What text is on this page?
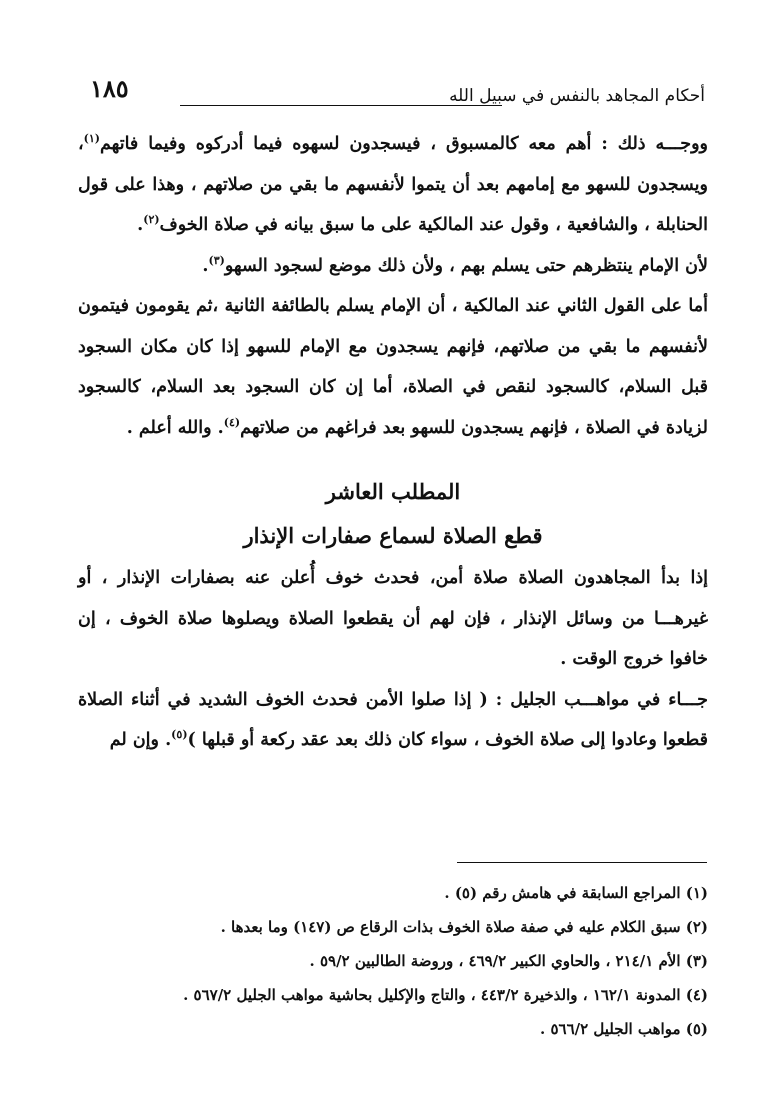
١٨٥	أحكام المجاهد بالنفس في سبيل الله

ووجـــه ذلك : أهم معه كالمسبوق ، فيسجدون لسهوه فيما أدركوه وفيما فاتهم$^{(١)}$، ويسجدون للسهو مع إمامهم بعد أن يتموا لأنفسهم ما بقي من صلاتهم ، وهذا على قول الحنابلة ، والشافعية ، وقول عند المالكية على ما سبق بيانه في صلاة الخوف$^{(٢)}$.

لأن الإمام ينتظرهم حتى يسلم بهم ، ولأن ذلك موضع لسجود السهو$^{(٣)}$.

أما على القول الثاني عند المالكية ، أن الإمام يسلم بالطائفة الثانية ،ثم يقومون فيتمون لأنفسهم ما بقي من صلاتهم، فإنهم يسجدون مع الإمام للسهو إذا كان مكان السجود قبل السلام، كالسجود لنقص في الصلاة، أما إن كان السجود بعد السلام، كالسجود لزيادة في الصلاة ، فإنهم يسجدون للسهو بعد فراغهم من صلاتهم$^{(٤)}$. والله أعلم .

المطلب العاشر
قطع الصلاة لسماع صفارات الإنذار

إذا بدأ المجاهدون الصلاة صلاة أمن، فحدث خوف أُعلن عنه بصفارات الإنذار ، أو غيرهـــا من وسائل الإنذار ، فإن لهم أن يقطعوا الصلاة ويصلوها صلاة الخوف ، إن خافوا خروج الوقت .

جـــاء في مواهـــب الجليل : ( إذا صلوا الأمن فحدث الخوف الشديد في أثناء الصلاة قطعوا وعادوا إلى صلاة الخوف ، سواء كان ذلك بعد عقد ركعة أو قبلها )$^{(٥)}$. وإن لم

(١) المراجع السابقة في هامش رقم (٥) .
(٢) سبق الكلام عليه في صفة صلاة الخوف بذات الرقاع ص (١٤٧) وما بعدها .
(٣) الأم ٢١٤/١ ، والحاوي الكبير ٤٦٩/٢ ، وروضة الطالبين ٥٩/٢ .
(٤) المدونة ١٦٢/١ ، والذخيرة ٤٤٣/٢ ، والتاج والإكليل بحاشية مواهب الجليل ٥٦٧/٢ .
(٥) مواهب الجليل ٥٦٦/٢ .
